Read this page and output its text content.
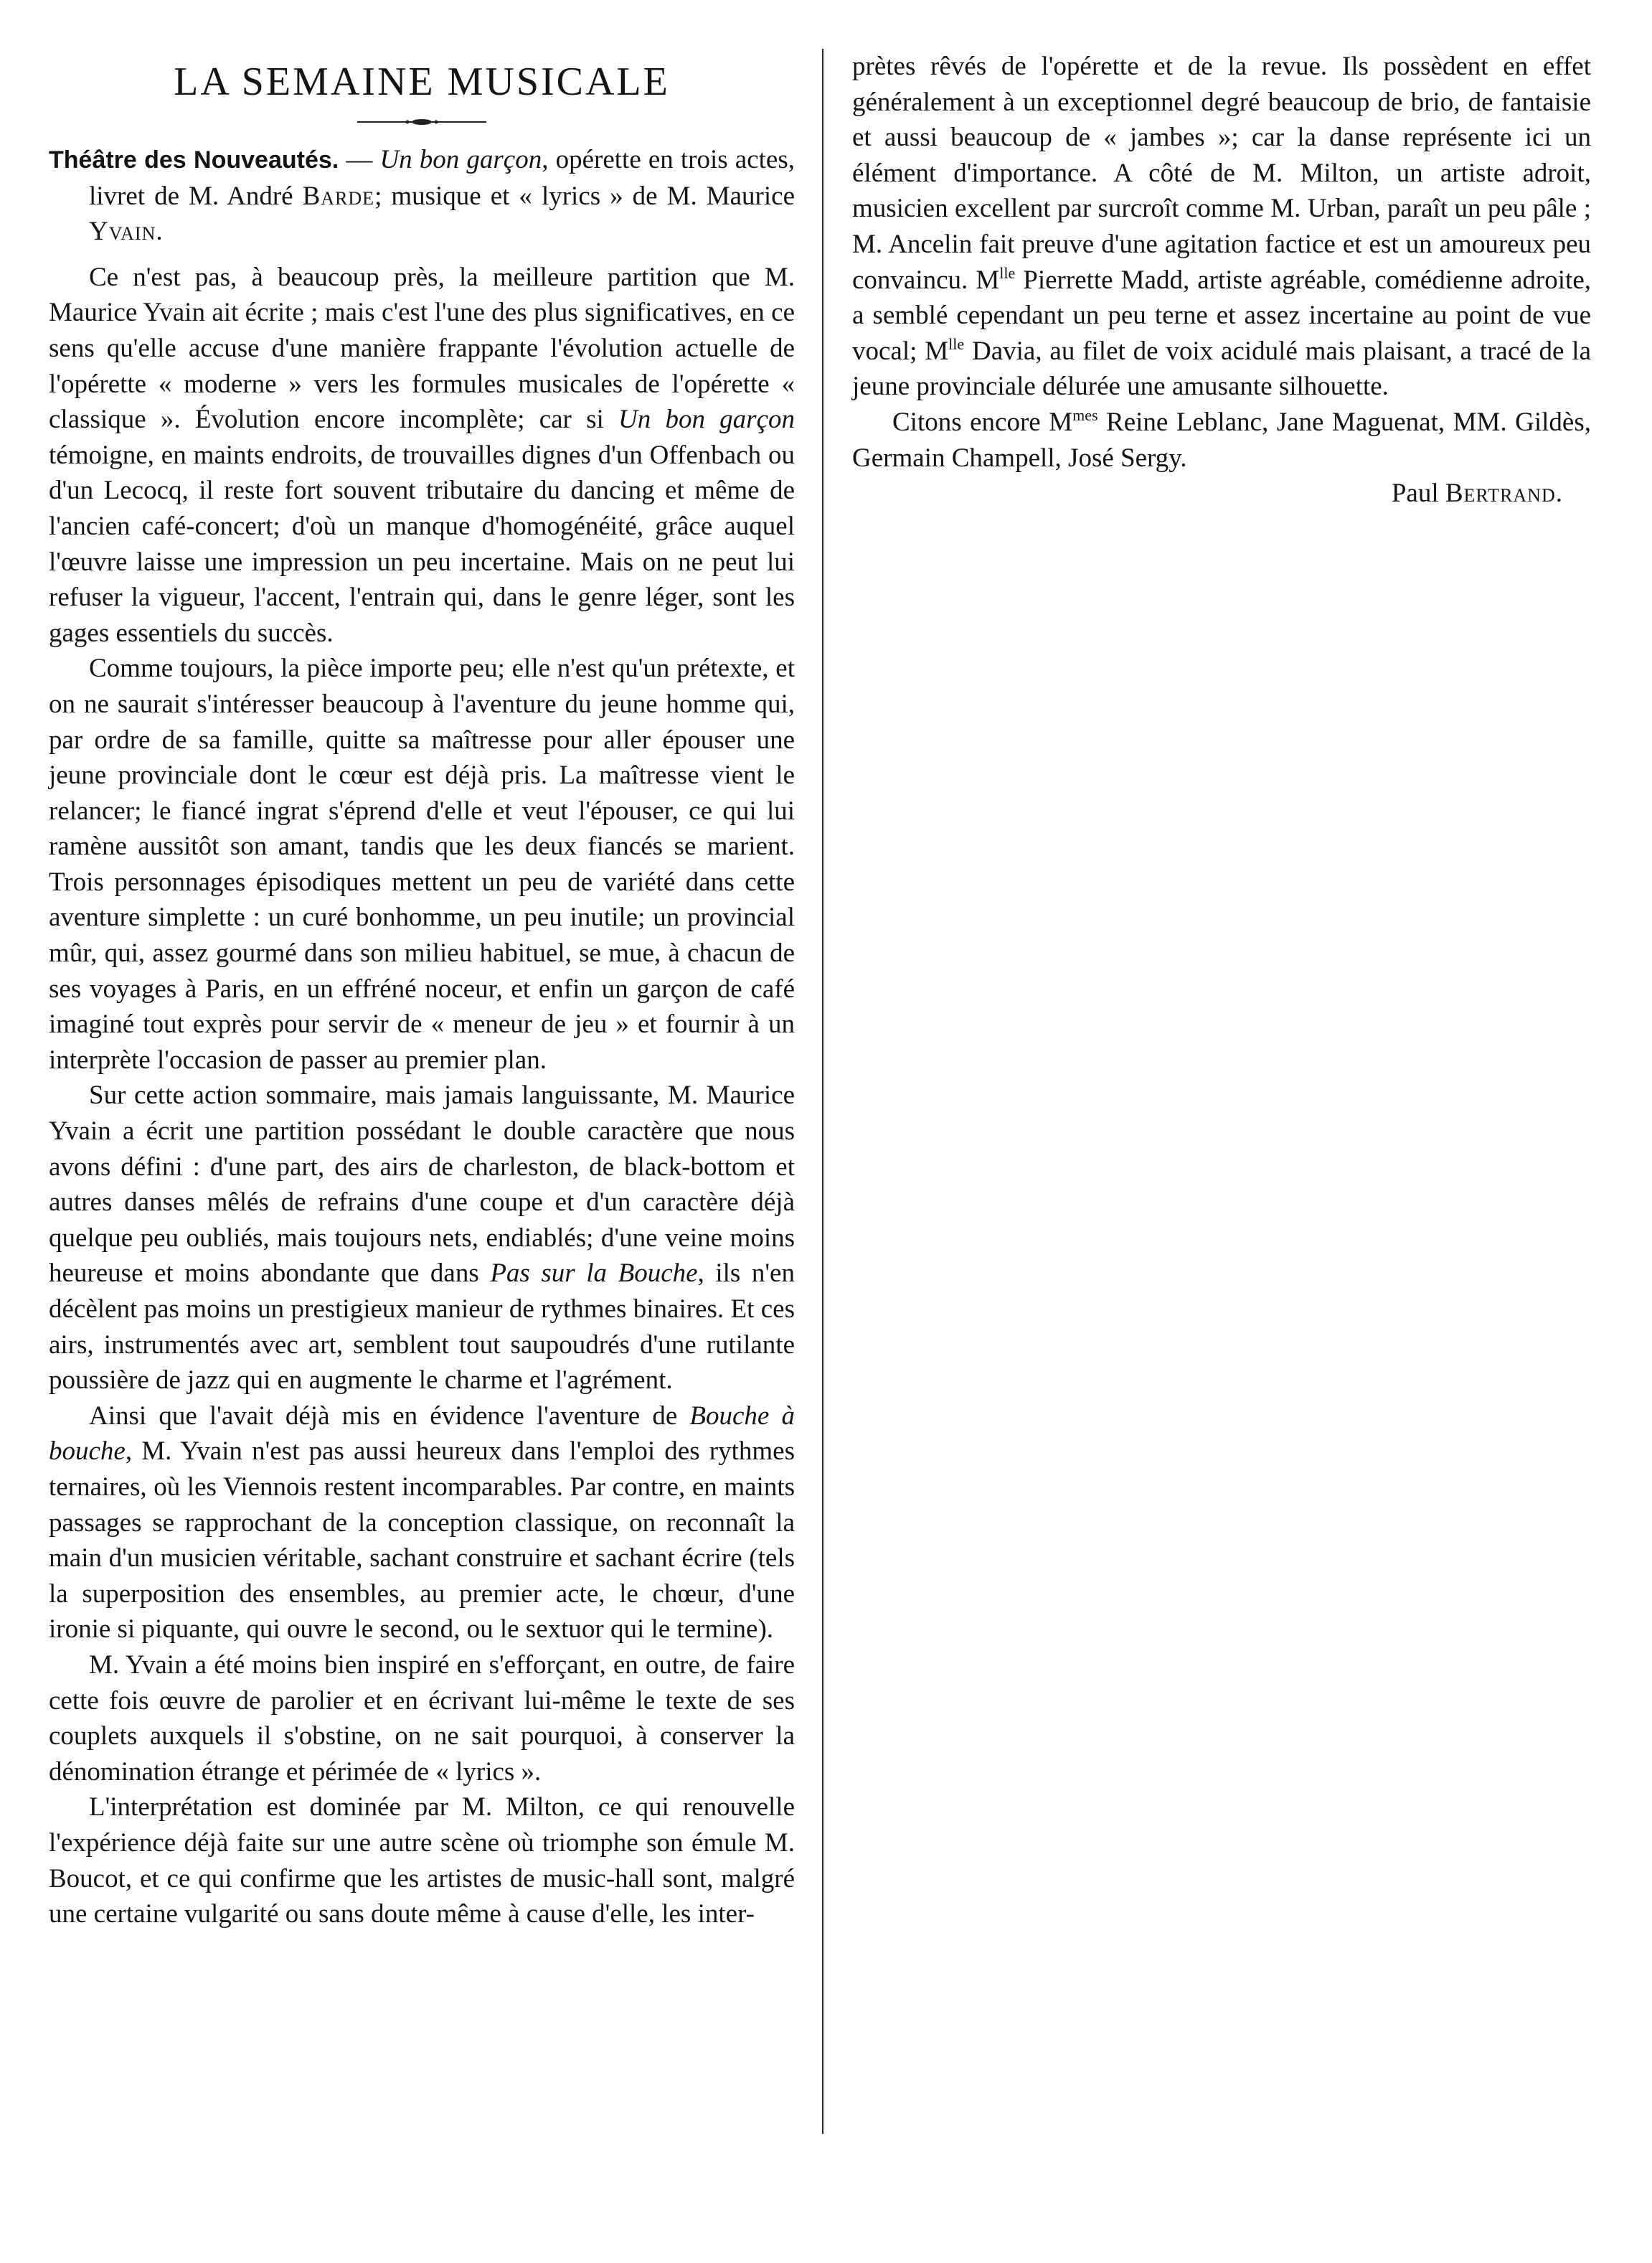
LA SEMAINE MUSICALE

Théâtre des Nouveautés. — Un bon garçon, opérette en trois actes, livret de M. André Barde; musique et « lyrics » de M. Maurice Yvain.

Ce n'est pas, à beaucoup près, la meilleure partition que M. Maurice Yvain ait écrite ; mais c'est l'une des plus significatives, en ce sens qu'elle accuse d'une manière frappante l'évolution actuelle de l'opérette « moderne » vers les formules musicales de l'opérette « classique ». Évolution encore incomplète; car si Un bon garçon témoigne, en maints endroits, de trouvailles dignes d'un Offenbach ou d'un Lecocq, il reste fort souvent tributaire du dancing et même de l'ancien café-concert; d'où un manque d'homogénéité, grâce auquel l'œuvre laisse une impression un peu incertaine. Mais on ne peut lui refuser la vigueur, l'accent, l'entrain qui, dans le genre léger, sont les gages essentiels du succès.

Comme toujours, la pièce importe peu; elle n'est qu'un prétexte, et on ne saurait s'intéresser beaucoup à l'aventure du jeune homme qui, par ordre de sa famille, quitte sa maîtresse pour aller épouser une jeune provinciale dont le cœur est déjà pris. La maîtresse vient le relancer; le fiancé ingrat s'éprend d'elle et veut l'épouser, ce qui lui ramène aussitôt son amant, tandis que les deux fiancés se marient. Trois personnages épisodiques mettent un peu de variété dans cette aventure simplette : un curé bonhomme, un peu inutile; un provincial mûr, qui, assez gourmé dans son milieu habituel, se mue, à chacun de ses voyages à Paris, en un effréné noceur, et enfin un garçon de café imaginé tout exprès pour servir de « meneur de jeu » et fournir à un interprète l'occasion de passer au premier plan.

Sur cette action sommaire, mais jamais languissante, M. Maurice Yvain a écrit une partition possédant le double caractère que nous avons défini : d'une part, des airs de charleston, de black-bottom et autres danses mêlés de refrains d'une coupe et d'un caractère déjà quelque peu oubliés, mais toujours nets, endiablés; d'une veine moins heureuse et moins abondante que dans Pas sur la Bouche, ils n'en décèlent pas moins un prestigieux manieur de rythmes binaires. Et ces airs, instrumentés avec art, semblent tout saupoudrés d'une rutilante poussière de jazz qui en augmente le charme et l'agrément.

Ainsi que l'avait déjà mis en évidence l'aventure de Bouche à bouche, M. Yvain n'est pas aussi heureux dans l'emploi des rythmes ternaires, où les Viennois restent incomparables. Par contre, en maints passages se rapprochant de la conception classique, on reconnaît la main d'un musicien véritable, sachant construire et sachant écrire (tels la superposition des ensembles, au premier acte, le chœur, d'une ironie si piquante, qui ouvre le second, ou le sextuor qui le termine).

M. Yvain a été moins bien inspiré en s'efforçant, en outre, de faire cette fois œuvre de parolier et en écrivant lui-même le texte de ses couplets auxquels il s'obstine, on ne sait pourquoi, à conserver la dénomination étrange et périmée de « lyrics ».

L'interprétation est dominée par M. Milton, ce qui renouvelle l'expérience déjà faite sur une autre scène où triomphe son émule M. Boucot, et ce qui confirme que les artistes de music-hall sont, malgré une certaine vulgarité ou sans doute même à cause d'elle, les inter-

prètes rêvés de l'opérette et de la revue. Ils possèdent en effet généralement à un exceptionnel degré beaucoup de brio, de fantaisie et aussi beaucoup de « jambes »; car la danse représente ici un élément d'importance. A côté de M. Milton, un artiste adroit, musicien excellent par surcroît comme M. Urban, paraît un peu pâle ; M. Ancelin fait preuve d'une agitation factice et est un amoureux peu convaincu. $M^{lle}$ Pierrette Madd, artiste agréable, comédienne adroite, a semblé cependant un peu terne et assez incertaine au point de vue vocal; $M^{lle}$ Davia, au filet de voix acidulé mais plaisant, a tracé de la jeune provinciale délurée une amusante silhouette.

Citons encore $M^{mes}$ Reine Leblanc, Jane Maguenat, MM. Gildès, Germain Champell, José Sergy.

Paul Bertrand.
